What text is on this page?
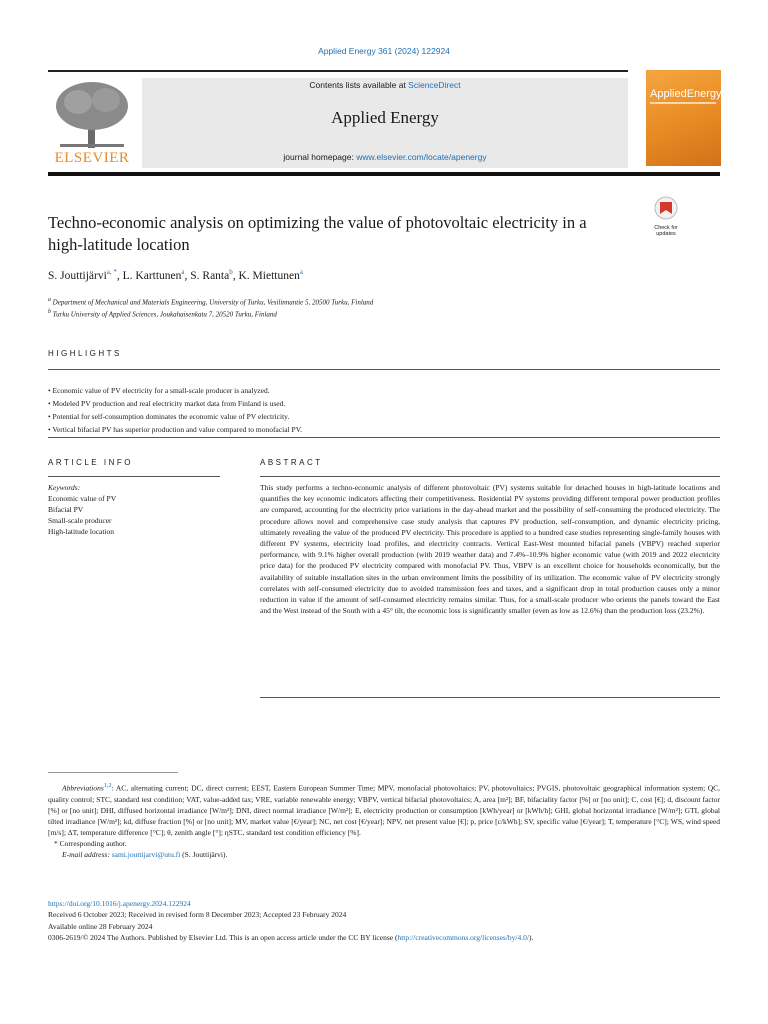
Applied Energy 361 (2024) 122924
ELSEVIER
Contents lists available at ScienceDirect
Applied Energy
journal homepage: www.elsevier.com/locate/apenergy
AppliedEnergy
Techno-economic analysis on optimizing the value of photovoltaic electricity in a high-latitude location
Check for updates
S. Jouttijärvi$^{a, *}$, L. Karttunen$^a$, S. Ranta$^b$, K. Miettunen$^a$
$^a$ Department of Mechanical and Materials Engineering, University of Turku, Vesilinnantie 5, 20500 Turku, Finland
$^b$ Turku University of Applied Sciences, Joukahaisenkatu 7, 20520 Turku, Finland
HIGHLIGHTS
• Economic value of PV electricity for a small-scale producer is analyzed.
• Modeled PV production and real electricity market data from Finland is used.
• Potential for self-consumption dominates the economic value of PV electricity.
• Vertical bifacial PV has superior production and value compared to monofacial PV.
ARTICLE INFO
Keywords:
Economic value of PV
Bifacial PV
Small-scale producer
High-latitude location
ABSTRACT
This study performs a techno-economic analysis of different photovoltaic (PV) systems suitable for detached houses in high-latitude locations and quantifies the key economic indicators affecting their competitiveness. Residential PV systems providing different temporal power production profiles are compared, accounting for the electricity price variations in the day-ahead market and the possibility of self-consuming the produced electricity. The procedure allows novel and comprehensive case study analysis that captures PV production, self-consumption, and dynamic electricity pricing, ultimately revealing the value of the produced PV electricity. This procedure is applied to a hundred case studies representing single-family houses with different PV systems, electricity load profiles, and electricity contracts. Vertical East-West mounted bifacial panels (VBPV) reached superior performance, with 9.1% higher overall production (with 2019 weather data) and 7.4%–10.9% higher economic value (with 2019 and 2022 electricity price data) for the produced PV electricity compared with monofacial PV. Thus, VBPV is an excellent choice for households economically, but the availability of suitable installation sites in the urban environment limits the possibility of its utilization. The economic value of PV electricity strongly correlates with self-consumed electricity due to avoided transmission fees and taxes, and a significant drop in total production causes only a minor reduction in value if the amount of self-consumed electricity remains similar. Thus, for a small-scale producer who orients the panels toward the East and the West instead of the South with a 45° tilt, the economic loss is significantly smaller (even as low as 12.6%) than the production loss (23.2%).
Abbreviations$^{1,2}$: AC, alternating current; DC, direct current; EEST, Eastern European Summer Time; MPV, monofacial photovoltaics; PV, photovoltaics; PVGIS, photovoltaic geographical information system; QC, quality control; STC, standard test condition; VAT, value-added tax; VRE, variable renewable energy; VBPV, vertical bifacial photovoltaics; A, area [m²]; BF, bifaciality factor [%] or [no unit]; C, cost [€]; d, discount factor [%] or [no unit]; DHI, diffused horizontal irradiance [W/m²]; DNI, direct normal irradiance [W/m²]; E, electricity production or consumption [kWh/year] or [kWh/h]; GHI, global horizontal irradiance [W/m²]; GTI, global tilted irradiance [W/m²]; kd, diffuse fraction [%] or [no unit]; MV, market value [€/year]; NC, net cost [€/year]; NPV, net present value [€]; p, price [c/kWh]; SV, specific value [€/year]; T, temperature [°C]; WS, wind speed [m/s]; ΔT, temperature difference [°C]; θ, zenith angle [°]; ηSTC, standard test condition efficiency [%].
* Corresponding author.
E-mail address: sami.jouttijarvi@utu.fi (S. Jouttijärvi).
https://doi.org/10.1016/j.apenergy.2024.122924
Received 6 October 2023; Received in revised form 8 December 2023; Accepted 23 February 2024
Available online 28 February 2024
0306-2619/© 2024 The Authors. Published by Elsevier Ltd. This is an open access article under the CC BY license (http://creativecommons.org/licenses/by/4.0/).
